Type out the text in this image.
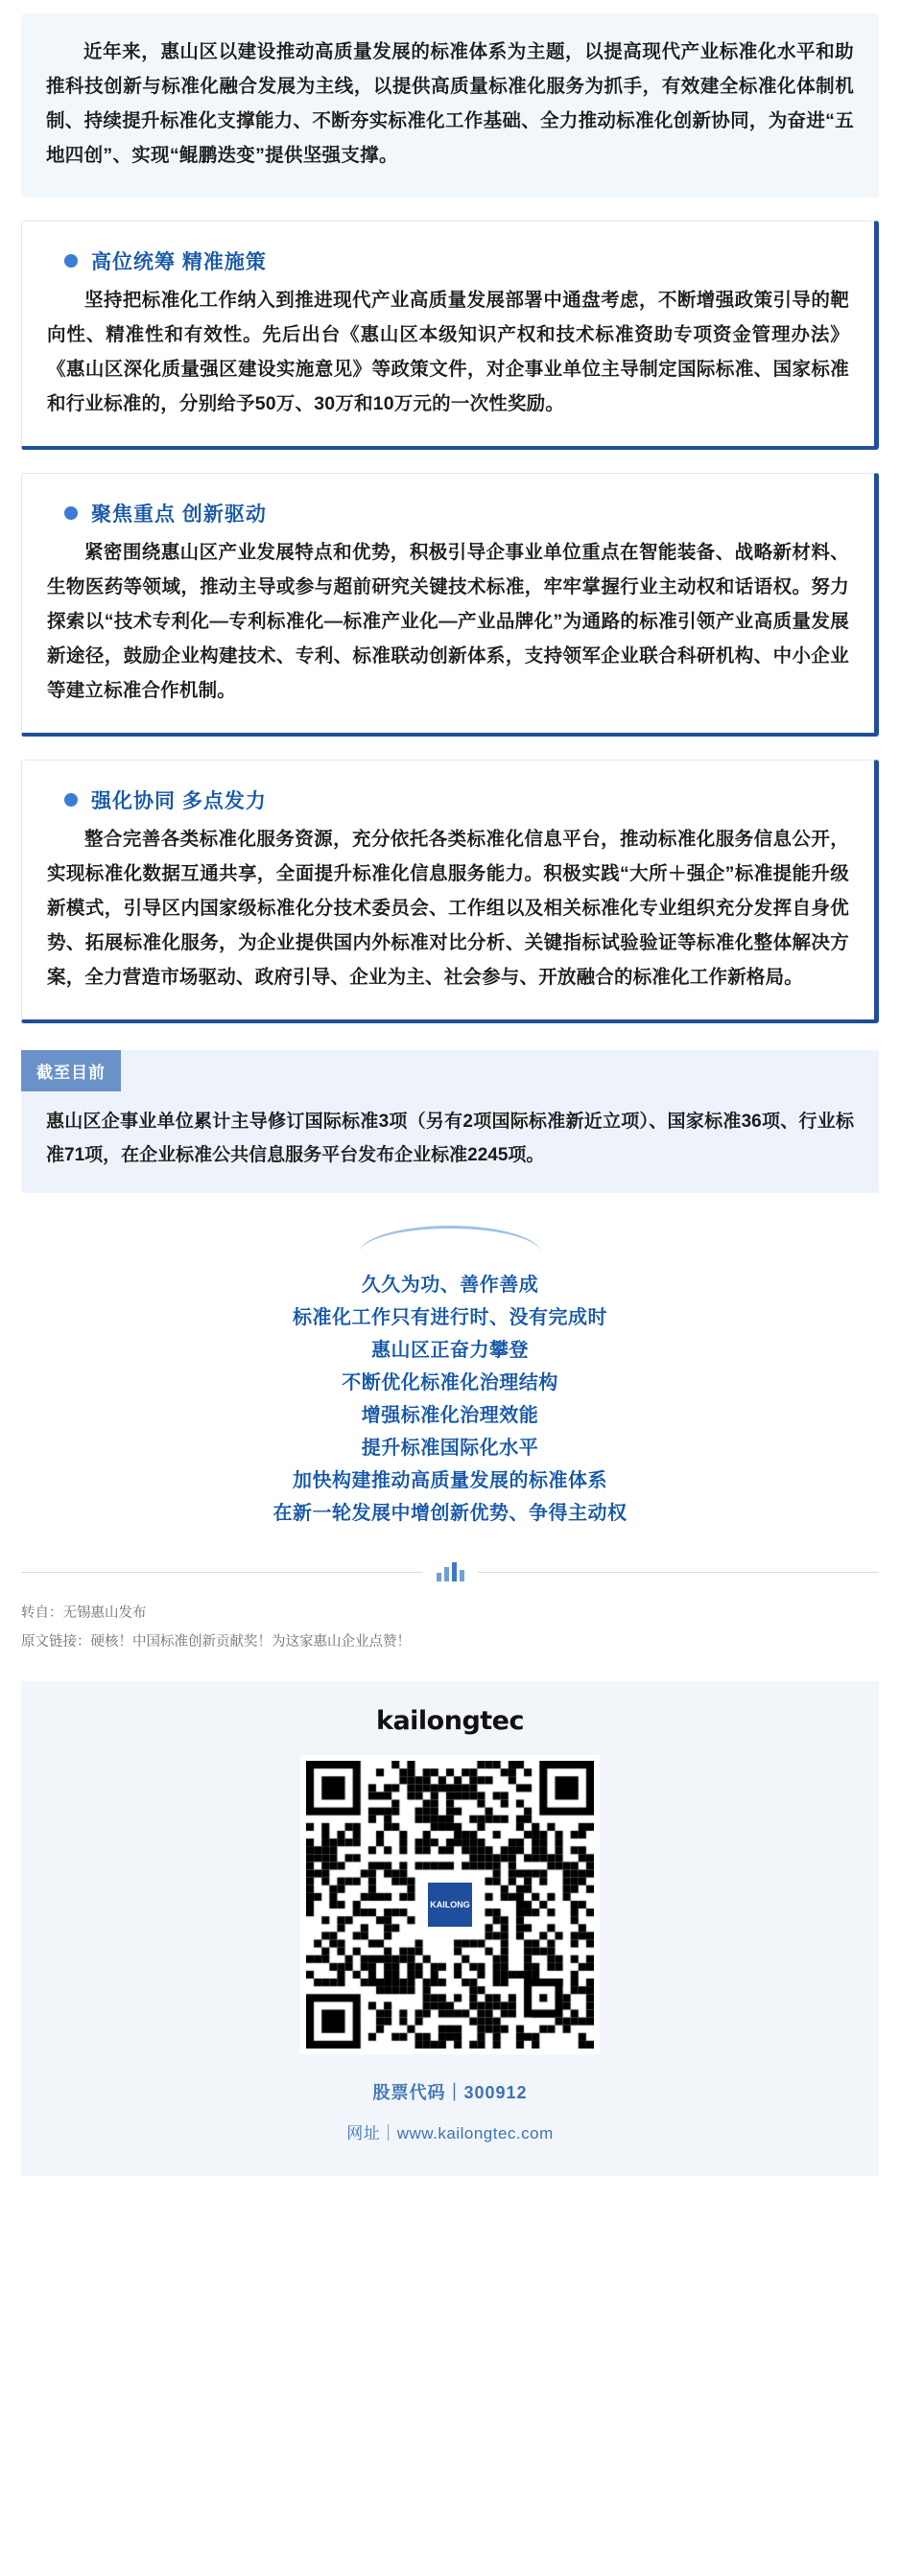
近年来，惠山区以建设推动高质量发展的标准体系为主题，以提高现代产业标准化水平和助推科技创新与标准化融合发展为主线，以提供高质量标准化服务为抓手，有效建全标准化体制机制、持续提升标准化支撑能力、不断夯实标准化工作基础、全力推动标准化创新协同，为奋进“五地四创”、实现“鲲鹏迭变”提供坚强支撑。

高位统筹 精准施策

坚持把标准化工作纳入到推进现代产业高质量发展部署中通盘考虑，不断增强政策引导的靶向性、精准性和有效性。先后出台《惠山区本级知识产权和技术标准资助专项资金管理办法》《惠山区深化质量强区建设实施意见》等政策文件，对企事业单位主导制定国际标准、国家标准和行业标准的，分别给予50万、30万和10万元的一次性奖励。

聚焦重点 创新驱动

紧密围绕惠山区产业发展特点和优势，积极引导企事业单位重点在智能装备、战略新材料、生物医药等领域，推动主导或参与超前研究关键技术标准，牢牢掌握行业主动权和话语权。努力探索以“技术专利化—专利标准化—标准产业化—产业品牌化”为通路的标准引领产业高质量发展新途径，鼓励企业构建技术、专利、标准联动创新体系，支持领军企业联合科研机构、中小企业等建立标准合作机制。

强化协同 多点发力

整合完善各类标准化服务资源，充分依托各类标准化信息平台，推动标准化服务信息公开，实现标准化数据互通共享，全面提升标准化信息服务能力。积极实践“大所＋强企”标准提能升级新模式，引导区内国家级标准化分技术委员会、工作组以及相关标准化专业组织充分发挥自身优势、拓展标准化服务，为企业提供国内外标准对比分析、关键指标试验验证等标准化整体解决方案，全力营造市场驱动、政府引导、企业为主、社会参与、开放融合的标准化工作新格局。

截至目前
惠山区企事业单位累计主导修订国际标准3项（另有2项国际标准新近立项）、国家标准36项、行业标准71项，在企业标准公共信息服务平台发布企业标准2245项。
久久为功、善作善成
标准化工作只有进行时、没有完成时
惠山区正奋力攀登
不断优化标准化治理结构
增强标准化治理效能
提升标准国际化水平
加快构建推动高质量发展的标准体系
在新一轮发展中增创新优势、争得主动权
转自：无锡惠山发布
原文链接：硬核！中国标准创新贡献奖！为这家惠山企业点赞！
kailongtec
KAILONG
股票代码｜300912
网址｜www.kailongtec.com
